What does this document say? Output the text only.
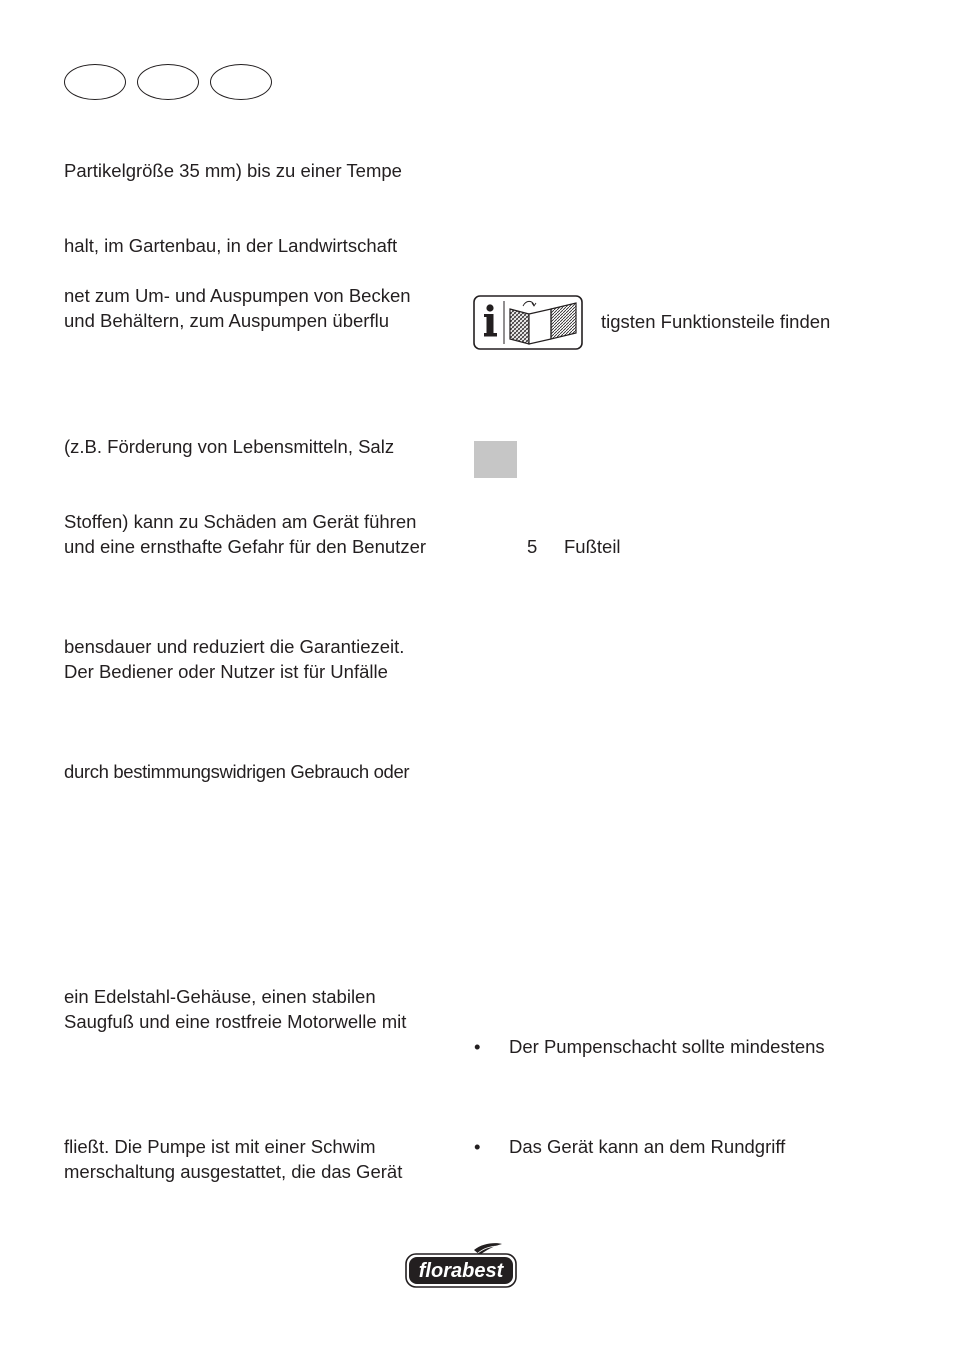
Partikelgröße 35 mm) bis zu einer Tempe
halt, im Gartenbau, in der Landwirtschaft
net zum Um- und Auspumpen von Becken
und Behältern, zum Auspumpen überflu
(z.B. Förderung von Lebensmitteln, Salz
Stoffen) kann zu Schäden am Gerät führen
und eine ernsthafte Gefahr für den Benutzer
bensdauer und reduziert die Garantiezeit.
Der Bediener oder Nutzer ist für Unfälle
durch bestimmungswidrigen Gebrauch oder
ein Edelstahl-Gehäuse, einen stabilen
Saugfuß und eine rostfreie Motorwelle mit
fließt. Die Pumpe ist mit einer Schwim
merschaltung ausgestattet, die das Gerät
tigsten Funktionsteile finden
5 Fußteil
• Der Pumpenschacht sollte mindestens
• Das Gerät kann an dem Rundgriff
florabest
